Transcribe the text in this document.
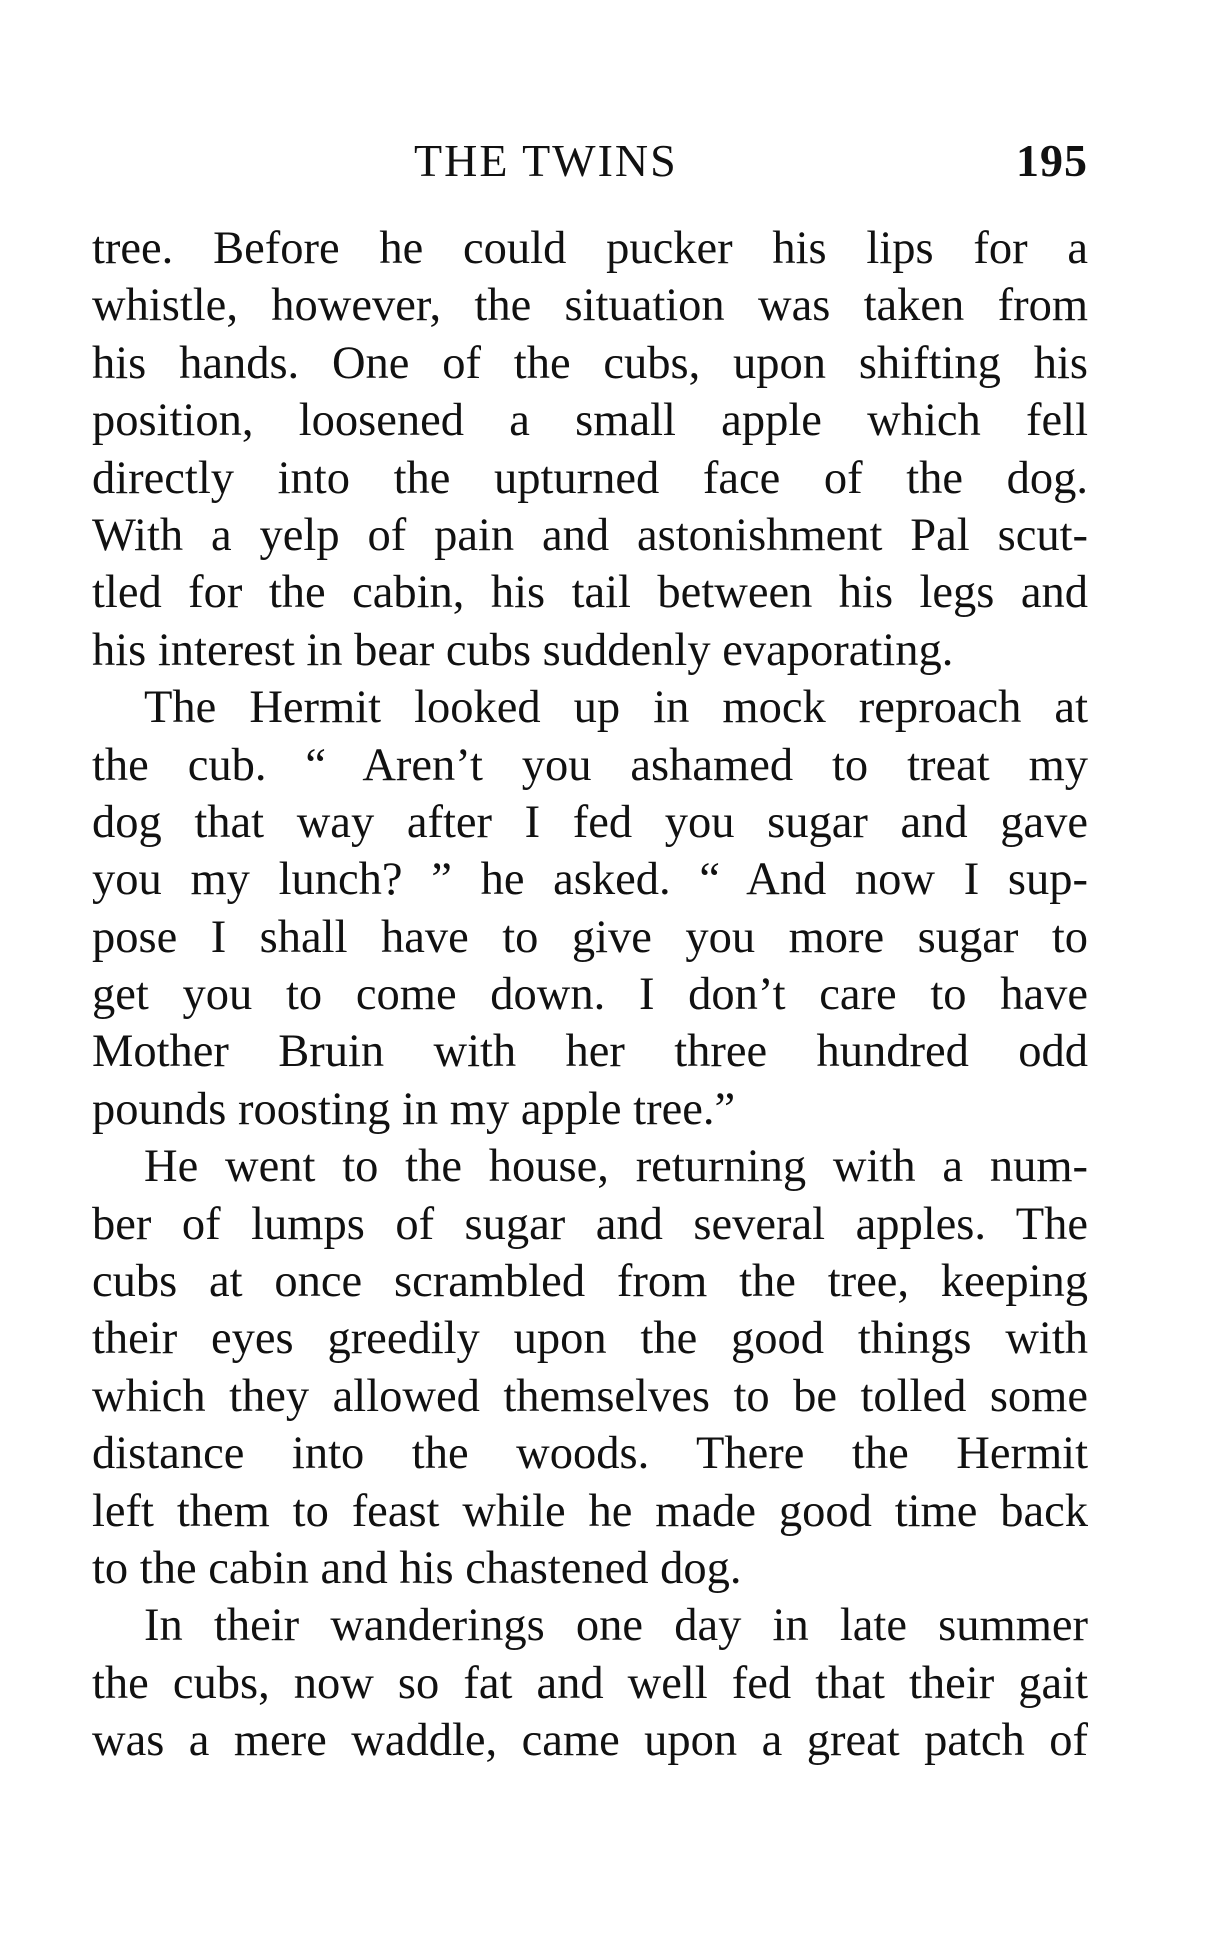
THE TWINS	195
tree. Before he could pucker his lips for a
whistle, however, the situation was taken from
his hands. One of the cubs, upon shifting his
position, loosened a small apple which fell
directly into the upturned face of the dog.
With a yelp of pain and astonishment Pal scut-
tled for the cabin, his tail between his legs and
his interest in bear cubs suddenly evaporating.
The Hermit looked up in mock reproach at
the cub. “ Aren’t you ashamed to treat my
dog that way after I fed you sugar and gave
you my lunch? ” he asked. “ And now I sup-
pose I shall have to give you more sugar to
get you to come down. I don’t care to have
Mother Bruin with her three hundred odd
pounds roosting in my apple tree.”
He went to the house, returning with a num-
ber of lumps of sugar and several apples. The
cubs at once scrambled from the tree, keeping
their eyes greedily upon the good things with
which they allowed themselves to be tolled some
distance into the woods. There the Hermit
left them to feast while he made good time back
to the cabin and his chastened dog.
In their wanderings one day in late summer
the cubs, now so fat and well fed that their gait
was a mere waddle, came upon a great patch of
